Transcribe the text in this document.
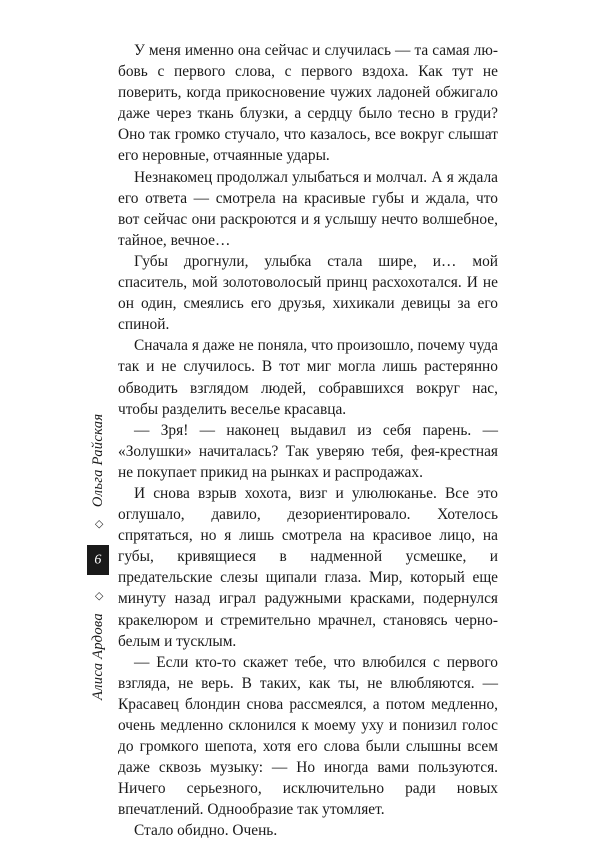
Алиса Ардова
◇
6
◇
Ольга Райская

У меня именно она сейчас и случилась — та самая любовь с первого слова, с первого вздоха. Как тут не поверить, когда прикосновение чужих ладоней обжигало даже через ткань блузки, а сердцу было тесно в груди? Оно так громко стучало, что казалось, все вокруг слышат его неровные, отчаянные удары.

Незнакомец продолжал улыбаться и молчал. А я ждала его ответа — смотрела на красивые губы и ждала, что вот сейчас они раскроются и я услышу нечто волшебное, тайное, вечное…

Губы дрогнули, улыбка стала шире, и… мой спаситель, мой золотоволосый принц расхохотался. И не он один, смеялись его друзья, хихикали девицы за его спиной.

Сначала я даже не поняла, что произошло, почему чуда так и не случилось. В тот миг могла лишь растерянно обводить взглядом людей, собравшихся вокруг нас, чтобы разделить веселье красавца.

— Зря! — наконец выдавил из себя парень. — «Золушки» начиталась? Так уверяю тебя, фея-крестная не покупает прикид на рынках и распродажах.

И снова взрыв хохота, визг и улюлюканье. Все это оглушало, давило, дезориентировало. Хотелось спрятаться, но я лишь смотрела на красивое лицо, на губы, кривящиеся в надменной усмешке, и предательские слезы щипали глаза. Мир, который еще минуту назад играл радужными красками, подернулся кракелюром и стремительно мрачнел, становясь черно-белым и тусклым.

— Если кто-то скажет тебе, что влюбился с первого взгляда, не верь. В таких, как ты, не влюбляются. — Красавец блондин снова рассмеялся, а потом медленно, очень медленно склонился к моему уху и понизил голос до громкого шепота, хотя его слова были слышны всем даже сквозь музыку: — Но иногда вами пользуются. Ничего серьезного, исключительно ради новых впечатлений. Однообразие так утомляет.

Стало обидно. Очень.
